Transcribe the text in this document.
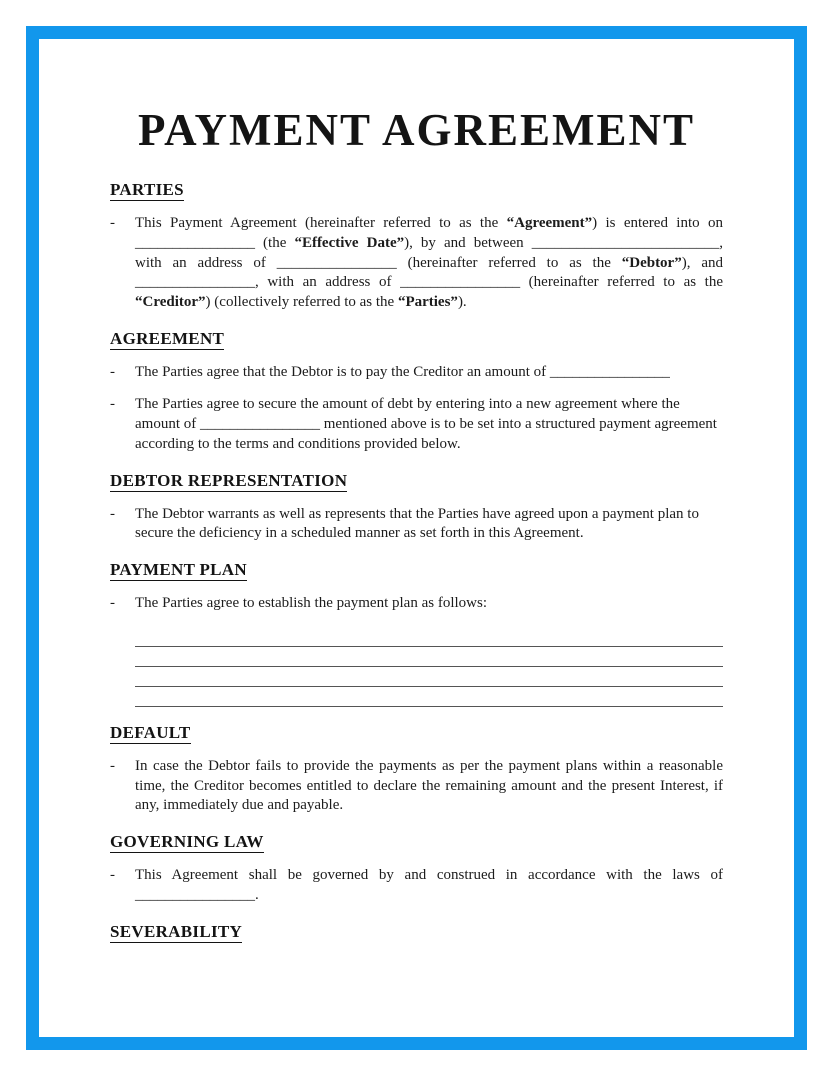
PAYMENT AGREEMENT
PARTIES
-	This Payment Agreement (hereinafter referred to as the “Agreement”) is entered into on ________________ (the “Effective Date”), by and between _________________________, with an address of ________________ (hereinafter referred to as the “Debtor”), and ________________, with an address of ________________ (hereinafter referred to as the “Creditor”) (collectively referred to as the “Parties”).

AGREEMENT
-	The Parties agree that the Debtor is to pay the Creditor an amount of ________________

-	The Parties agree to secure the amount of debt by entering into a new agreement where the amount of ________________ mentioned above is to be set into a structured payment agreement according to the terms and conditions provided below.

DEBTOR REPRESENTATION
-	The Debtor warrants as well as represents that the Parties have agreed upon a payment plan to secure the deficiency in a scheduled manner as set forth in this Agreement.

PAYMENT PLAN
-	The Parties agree to establish the payment plan as follows:

DEFAULT
-	In case the Debtor fails to provide the payments as per the payment plans within a reasonable time, the Creditor becomes entitled to declare the remaining amount and the present Interest, if any, immediately due and payable.

GOVERNING LAW
-	This Agreement shall be governed by and construed in accordance with the laws of ________________.

SEVERABILITY
